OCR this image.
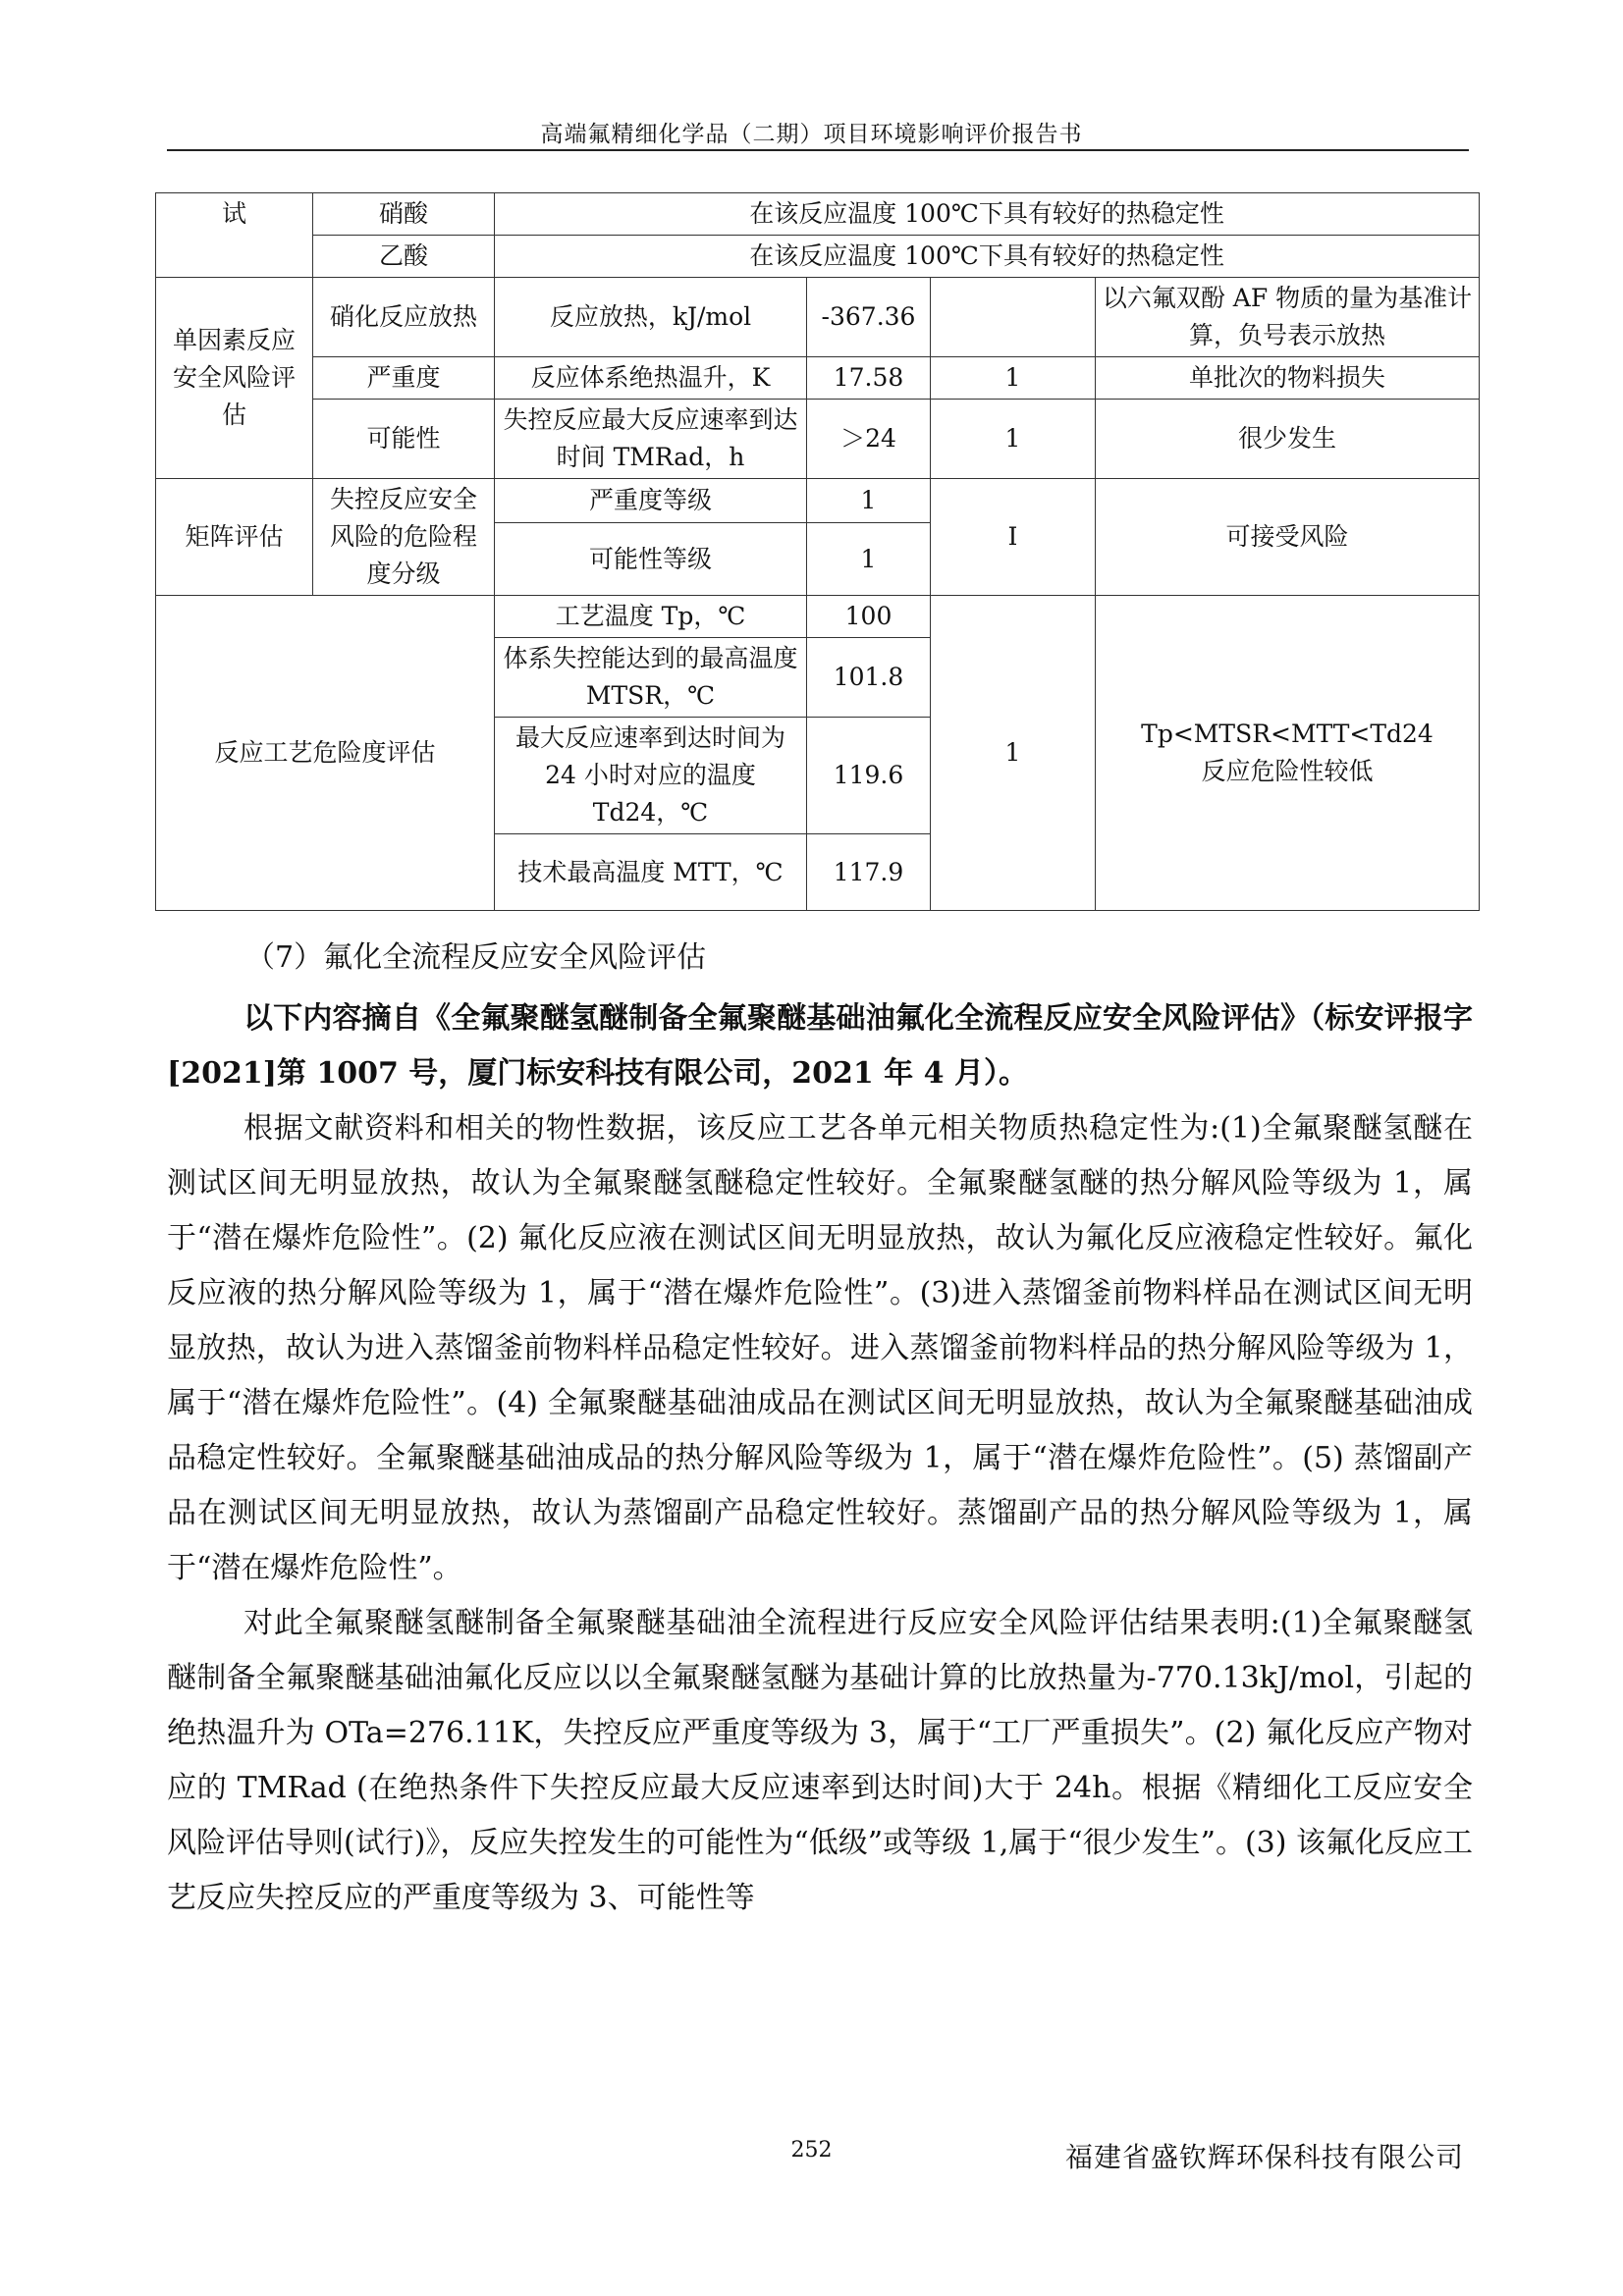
高端氟精细化学品（二期）项目环境影响评价报告书
试	硝酸	在该反应温度 100℃下具有较好的热稳定性			
	乙酸	在该反应温度 100℃下具有较好的热稳定性			
单因素反应安全风险评估	硝化反应放热	反应放热，kJ/mol	-367.36		以六氟双酚 AF 物质的量为基准计算，负号表示放热
	严重度	反应体系绝热温升，K	17.58	1	单批次的物料损失
	可能性	失控反应最大反应速率到达时间 TMRad，h	＞24	1	很少发生
矩阵评估	失控反应安全风险的危险程度分级	严重度等级	1	I	可接受风险
		可能性等级	1		
反应工艺危险度评估		工艺温度 Tp，℃	100	1	Tp<MTSR<MTT<Td24
反应危险性较低

		体系失控能达到的最高温度 MTSR，℃	101.8		
		最大反应速率到达时间为 24 小时对应的温度 Td24，℃	119.6		
		技术最高温度 MTT，℃	117.9		
（7）氟化全流程反应安全风险评估

以下内容摘自《全氟聚醚氢醚制备全氟聚醚基础油氟化全流程反应安全风险评估》（标安评报字[2021]第 1007 号，厦门标安科技有限公司，2021 年 4 月）。

根据文献资料和相关的物性数据，该反应工艺各单元相关物质热稳定性为:(1)全氟聚醚氢醚在测试区间无明显放热，故认为全氟聚醚氢醚稳定性较好。全氟聚醚氢醚的热分解风险等级为 1，属于“潜在爆炸危险性”。(2) 氟化反应液在测试区间无明显放热，故认为氟化反应液稳定性较好。氟化反应液的热分解风险等级为 1，属于“潜在爆炸危险性”。(3)进入蒸馏釜前物料样品在测试区间无明显放热，故认为进入蒸馏釜前物料样品稳定性较好。进入蒸馏釜前物料样品的热分解风险等级为 1，属于“潜在爆炸危险性”。(4) 全氟聚醚基础油成品在测试区间无明显放热，故认为全氟聚醚基础油成品稳定性较好。全氟聚醚基础油成品的热分解风险等级为 1，属于“潜在爆炸危险性”。(5) 蒸馏副产品在测试区间无明显放热，故认为蒸馏副产品稳定性较好。蒸馏副产品的热分解风险等级为 1，属于“潜在爆炸危险性”。

对此全氟聚醚氢醚制备全氟聚醚基础油全流程进行反应安全风险评估结果表明:(1)全氟聚醚氢醚制备全氟聚醚基础油氟化反应以以全氟聚醚氢醚为基础计算的比放热量为-770.13kJ/mol，引起的绝热温升为 ΟTa=276.11K，失控反应严重度等级为 3，属于“工厂严重损失”。(2) 氟化反应产物对应的 TMRad (在绝热条件下失控反应最大反应速率到达时间)大于 24h。根据《精细化工反应安全风险评估导则(试行)》，反应失控发生的可能性为“低级”或等级 1,属于“很少发生”。(3) 该氟化反应工艺反应失控反应的严重度等级为 3、可能性等

252	福建省盛钦辉环保科技有限公司
